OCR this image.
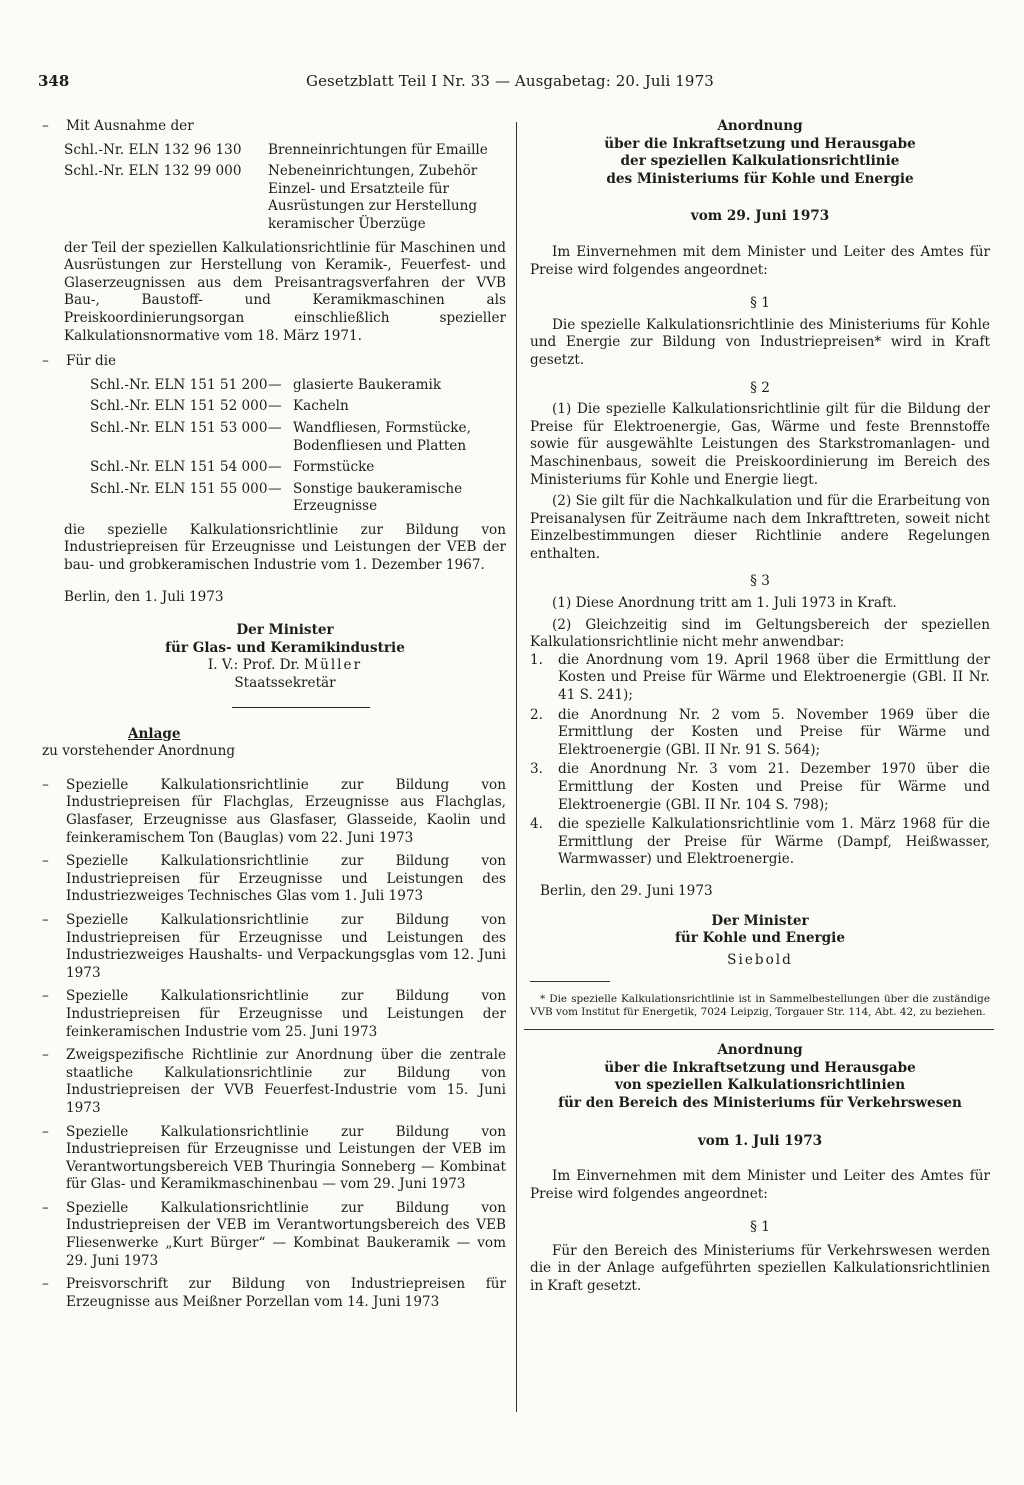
348	Gesetzblatt Teil I Nr. 33 — Ausgabetag: 20. Juli 1973
–	Mit Ausnahme der
Schl.-Nr. ELN 132 96 130	Brenneinrichtungen für Emaille
Schl.-Nr. ELN 132 99 000	Nebeneinrichtungen, Zubehör Einzel- und Ersatzteile für Ausrüstungen zur Herstellung keramischer Überzüge

der Teil der speziellen Kalkulationsrichtlinie für Maschinen und Ausrüstungen zur Herstellung von Keramik-, Feuerfest- und Glaserzeugnissen aus dem Preisantragsverfahren der VVB Bau-, Baustoff- und Keramikmaschinen als Preiskoordinierungsorgan einschließlich spezieller Kalkulationsnormative vom 18. März 1971.

–	Für die
Schl.-Nr. ELN 151 51 200 — glasierte Baukeramik
Schl.-Nr. ELN 151 52 000 — Kacheln
Schl.-Nr. ELN 151 53 000 — Wandfliesen, Formstücke, Bodenfliesen und Platten
Schl.-Nr. ELN 151 54 000 — Formstücke
Schl.-Nr. ELN 151 55 000 — Sonstige baukeramische Erzeugnisse

die spezielle Kalkulationsrichtlinie zur Bildung von Industriepreisen für Erzeugnisse und Leistungen der VEB der bau- und grobkeramischen Industrie vom 1. Dezember 1967.

Berlin, den 1. Juli 1973

Der Minister
für Glas- und Keramikindustrie
I. V.: Prof. Dr. Müller
Staatssekretär
Anlage
zu vorstehender Anordnung
–	Spezielle Kalkulationsrichtlinie zur Bildung von Industriepreisen für Flachglas, Erzeugnisse aus Flachglas, Glasfaser, Erzeugnisse aus Glasfaser, Glasseide, Kaolin und feinkeramischem Ton (Bauglas) vom 22. Juni 1973
–	Spezielle Kalkulationsrichtlinie zur Bildung von Industriepreisen für Erzeugnisse und Leistungen des Industriezweiges Technisches Glas vom 1. Juli 1973
–	Spezielle Kalkulationsrichtlinie zur Bildung von Industriepreisen für Erzeugnisse und Leistungen des Industriezweiges Haushalts- und Verpackungsglas vom 12. Juni 1973
–	Spezielle Kalkulationsrichtlinie zur Bildung von Industriepreisen für Erzeugnisse und Leistungen der feinkeramischen Industrie vom 25. Juni 1973
–	Zweigspezifische Richtlinie zur Anordnung über die zentrale staatliche Kalkulationsrichtlinie zur Bildung von Industriepreisen der VVB Feuerfest-Industrie vom 15. Juni 1973
–	Spezielle Kalkulationsrichtlinie zur Bildung von Industriepreisen für Erzeugnisse und Leistungen der VEB im Verantwortungsbereich VEB Thuringia Sonneberg — Kombinat für Glas- und Keramikmaschinenbau — vom 29. Juni 1973
–	Spezielle Kalkulationsrichtlinie zur Bildung von Industriepreisen der VEB im Verantwortungsbereich des VEB Fliesenwerke „Kurt Bürger“ — Kombinat Baukeramik — vom 29. Juni 1973
–	Preisvorschrift zur Bildung von Industriepreisen für Erzeugnisse aus Meißner Porzellan vom 14. Juni 1973
Anordnung
über die Inkraftsetzung und Herausgabe
der speziellen Kalkulationsrichtlinie
des Ministeriums für Kohle und Energie
vom 29. Juni 1973

Im Einvernehmen mit dem Minister und Leiter des Amtes für Preise wird folgendes angeordnet:

§ 1

Die spezielle Kalkulationsrichtlinie des Ministeriums für Kohle und Energie zur Bildung von Industriepreisen* wird in Kraft gesetzt.

§ 2

(1) Die spezielle Kalkulationsrichtlinie gilt für die Bildung der Preise für Elektroenergie, Gas, Wärme und feste Brennstoffe sowie für ausgewählte Leistungen des Starkstromanlagen- und Maschinenbaus, soweit die Preiskoordinierung im Bereich des Ministeriums für Kohle und Energie liegt.

(2) Sie gilt für die Nachkalkulation und für die Erarbeitung von Preisanalysen für Zeiträume nach dem Inkrafttreten, soweit nicht Einzelbestimmungen dieser Richtlinie andere Regelungen enthalten.

§ 3

(1) Diese Anordnung tritt am 1. Juli 1973 in Kraft.

(2) Gleichzeitig sind im Geltungsbereich der speziellen Kalkulationsrichtlinie nicht mehr anwendbar:

1.	die Anordnung vom 19. April 1968 über die Ermittlung der Kosten und Preise für Wärme und Elektroenergie (GBl. II Nr. 41 S. 241);
2.	die Anordnung Nr. 2 vom 5. November 1969 über die Ermittlung der Kosten und Preise für Wärme und Elektroenergie (GBl. II Nr. 91 S. 564);
3.	die Anordnung Nr. 3 vom 21. Dezember 1970 über die Ermittlung der Kosten und Preise für Wärme und Elektroenergie (GBl. II Nr. 104 S. 798);
4.	die spezielle Kalkulationsrichtlinie vom 1. März 1968 für die Ermittlung der Preise für Wärme (Dampf, Heißwasser, Warmwasser) und Elektroenergie.

Berlin, den 29. Juni 1973

Der Minister
für Kohle und Energie
Siebold

* Die spezielle Kalkulationsrichtlinie ist in Sammelbestellungen über die zuständige VVB vom Institut für Energetik, 7024 Leipzig, Torgauer Str. 114, Abt. 42, zu beziehen.

Anordnung
über die Inkraftsetzung und Herausgabe
von speziellen Kalkulationsrichtlinien
für den Bereich des Ministeriums für Verkehrswesen
vom 1. Juli 1973

Im Einvernehmen mit dem Minister und Leiter des Amtes für Preise wird folgendes angeordnet:

§ 1

Für den Bereich des Ministeriums für Verkehrswesen werden die in der Anlage aufgeführten speziellen Kalkulationsrichtlinien in Kraft gesetzt.
